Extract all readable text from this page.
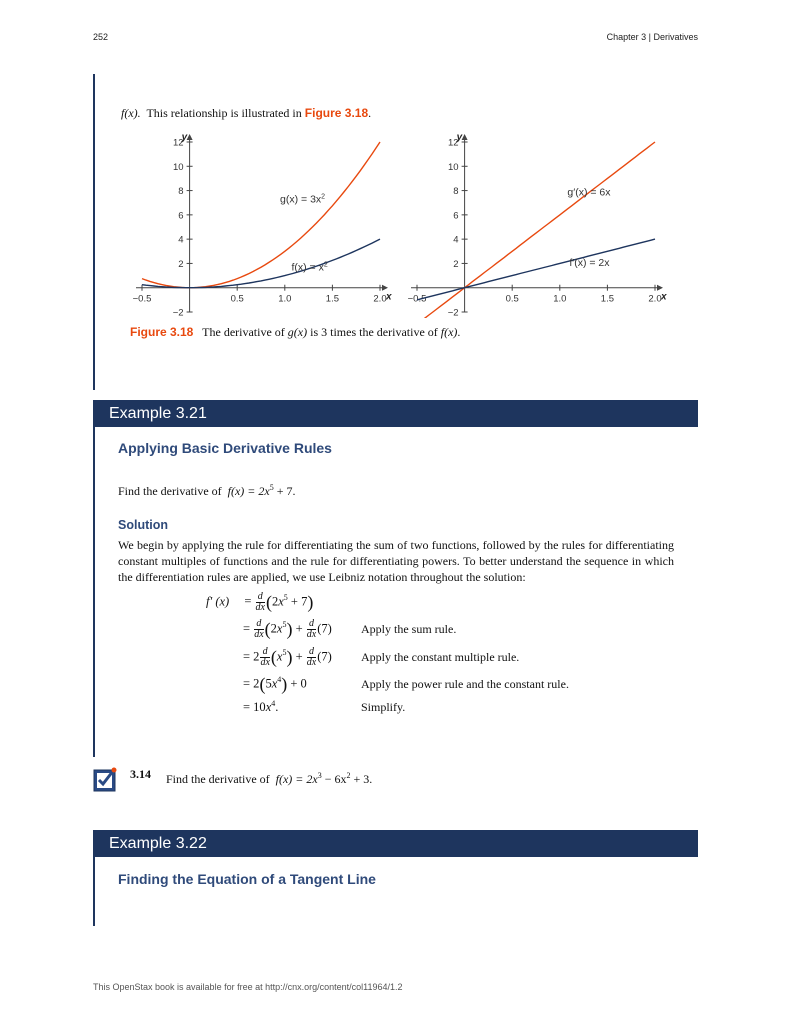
252	Chapter 3 | Derivatives
f(x). This relationship is illustrated in Figure 3.18.
x
y
−0.5	0.5	1.0	1.5	2.0
−2
2
4
6
8
10
12
$g(x) = 3x^2$
$f(x) = x^2$
x
y
−0.5	0.5	1.0	1.5	2.0
−2
2
4
6
8
10
12
g′(x) = 6x
f′(x) = 2x
Figure 3.18 The derivative of g(x) is 3 times the derivative of f(x).
Example 3.21
Applying Basic Derivative Rules
Find the derivative of $f(x) = 2x^5 + 7$.
Solution
We begin by applying the rule for differentiating the sum of two functions, followed by the rules for differentiating constant multiples of functions and the rule for differentiating powers. To better understand the sequence in which the differentiation rules are applied, we use Leibniz notation throughout the solution:
f′ $(x) = \frac{d}{dx} (2x^5 + 7)$
= $\frac{d}{dx} (2x^5) + \frac{d}{dx} (7)$ Apply the sum rule.
= $2 \frac{d}{dx} (x^5) + \frac{d}{dx} (7)$ Apply the constant multiple rule.
= $2(5x^4) + 0$	Apply the power rule and the constant rule.
= $10x^4$.	Simplify.
3.14 Find the derivative of $f(x) = 2x^3 - 6x^2 + 3$.
Example 3.22
Finding the Equation of a Tangent Line
This OpenStax book is available for free at http://cnx.org/content/col11964/1.2
